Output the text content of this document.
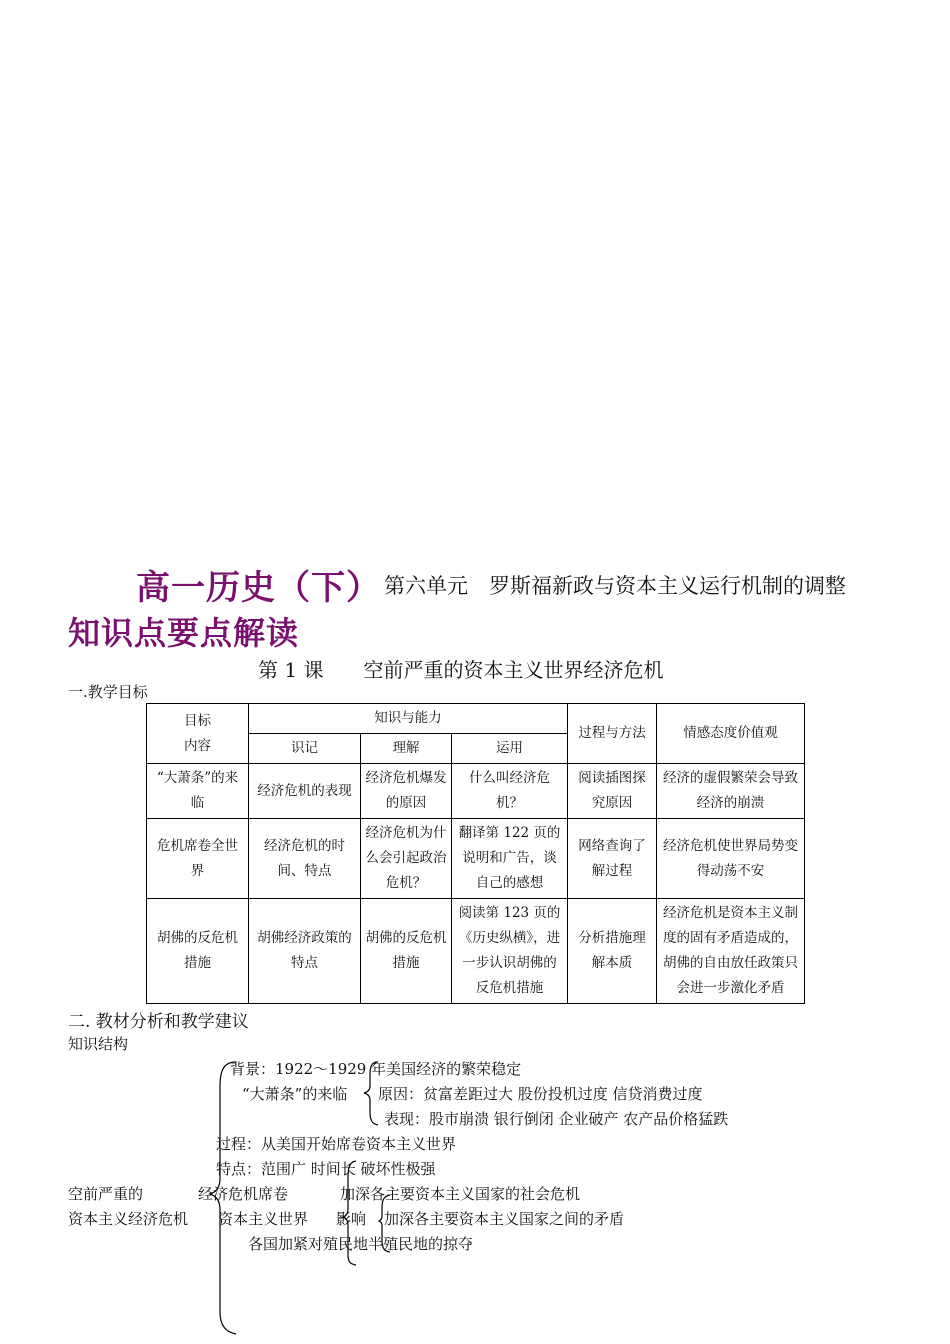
高一历史（下） 第六单元　罗斯福新政与资本主义运行机制的调整
知识点要点解读
第 1 课　　空前严重的资本主义世界经济危机
一.教学目标
目标
内容	知识与能力			过程与方法	情感态度价值观
	识记	理解	运用		
“大萧条”的来临	经济危机的表现	经济危机爆发的原因	什么叫经济危机？	阅读插图探究原因	经济的虚假繁荣会导致经济的崩溃
危机席卷全世界	经济危机的时间、特点	经济危机为什么会引起政治危机？	翻译第 122 页的说明和广告，谈自己的感想	网络查询了解过程	经济危机使世界局势变得动荡不安
胡佛的反危机措施	胡佛经济政策的特点	胡佛的反危机措施	阅读第 123 页的《历史纵横》，进一步认识胡佛的反危机措施	分析措施理解本质	经济危机是资本主义制度的固有矛盾造成的，胡佛的自由放任政策只会进一步激化矛盾
二. 教材分析和教学建议
知识结构
背景：1922～1929 年美国经济的繁荣稳定
“大萧条”的来临 原因：贫富差距过大 股份投机过度 信贷消费过度
表现：股市崩溃 银行倒闭 企业破产 农产品价格猛跌
过程：从美国开始席卷资本主义世界
特点：范围广 时间长 破坏性极强
空前严重的	经济危机席卷	加深各主要资本主义国家的社会危机
资本主义经济危机 资本主义世界 影响 加深各主要资本主义国家之间的矛盾
各国加紧对殖民地半殖民地的掠夺
